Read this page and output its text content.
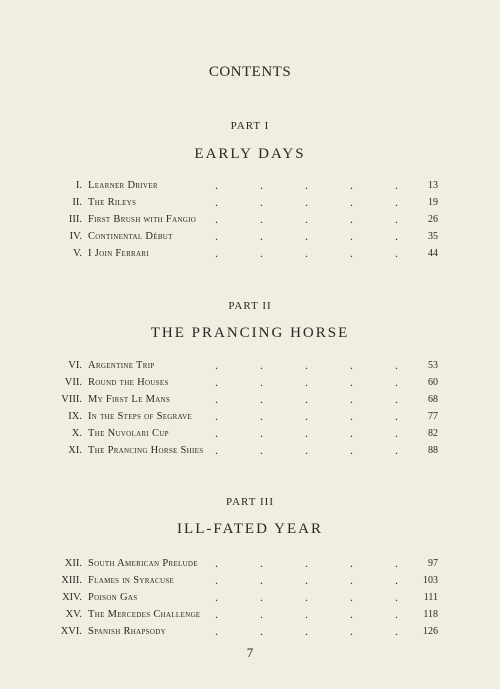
CONTENTS
PART I
EARLY DAYS
I. Learner Driver	.    .    .    .    .	13
II. The Rileys	.    .    .    .    .	19
III. First Brush with Fangio .    .    .    .    .	26
IV. Continental Début	.    .    .    .    .	35
V. I Join Ferrari	.    .    .    .    .	44
PART II
THE PRANCING HORSE
VI. Argentine Trip	.    .    .    .    .	53
VII. Round the Houses	.    .    .    .    .	60
VIII. My First Le Mans	.    .    .    .    .	68
IX. In the Steps of Segrave .    .    .    .    .	77
X. The Nuvolari Cup	.    .    .    .    .	82
XI. The Prancing Horse Shies .    .    .    .    .	88
PART III
ILL-FATED YEAR
XII. South American Prelude .    .    .    .    .	97
XIII. Flames in Syracuse	.    .    .    .    .	103
XIV. Poison Gas	.    .    .    .    .	111
XV. The Mercedes Challenge .    .    .    .    .	118
XVI. Spanish Rhapsody	.    .    .    .    .	126
7
